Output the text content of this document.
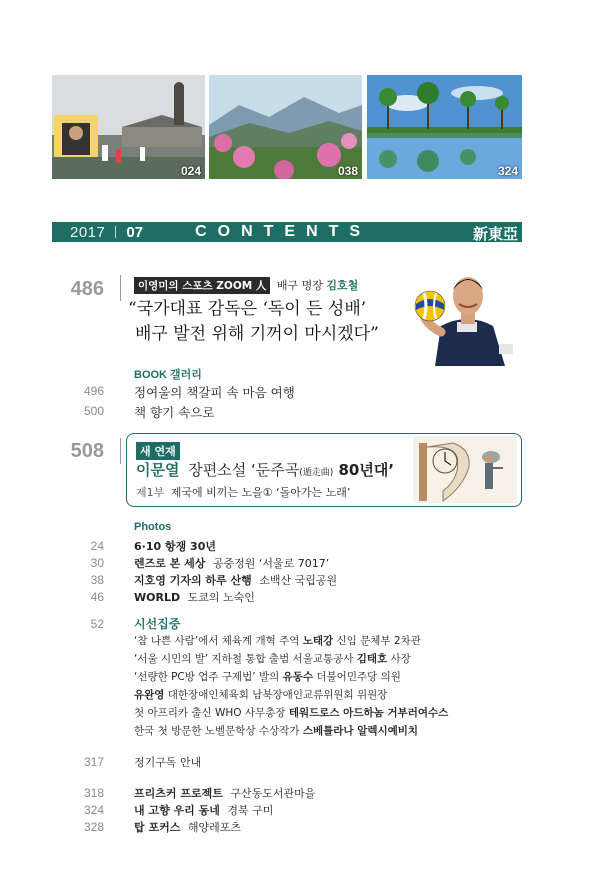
024	038	324
2017 07	CONTENTS	新東亞
486	이영미의 스포츠 ZOOM 人 배구 명장 김호철
“국가대표 감독은 ‘독이 든 성배’
배구 발전 위해 기꺼이 마시겠다”
BOOK 갤러리
496 정여울의 책갈피 속 마음 여행
500 책 향기 속으로
508	새 연재
이문열 장편소설 ‘둔주곡(遁走曲) 80년대’
제1부 제국에 비끼는 노을① ‘돌아가는 노래’
Photos
24	6·10 항쟁 30년
30	렌즈로 본 세상 공중정원 ‘서울로 7017’
38	지호영 기자의 하루 산행 소백산 국립공원
46	WORLD 도쿄의 노숙인
52	시선집중
‘참 나쁜 사람’에서 체육계 개혁 주역 노태강 신임 문체부 2차관
‘서울 시민의 발’ 지하철 통합 출범 서울교통공사 김태호 사장
‘선량한 PC방 업주 구제법’ 발의 유동수 더불어민주당 의원
유완영 대한장애인체육회 남북장애인교류위원회 위원장
첫 아프리카 출신 WHO 사무총장 테워드로스 아드하놈 거부러여수스
한국 첫 방문한 노벨문학상 수상작가 스베틀라나 알렉시예비치
317	정기구독 안내
318	프리츠커 프로젝트 구산동도서관마을
324	내 고향 우리 동네 경북 구미
328	탑 포커스 해양레포츠
